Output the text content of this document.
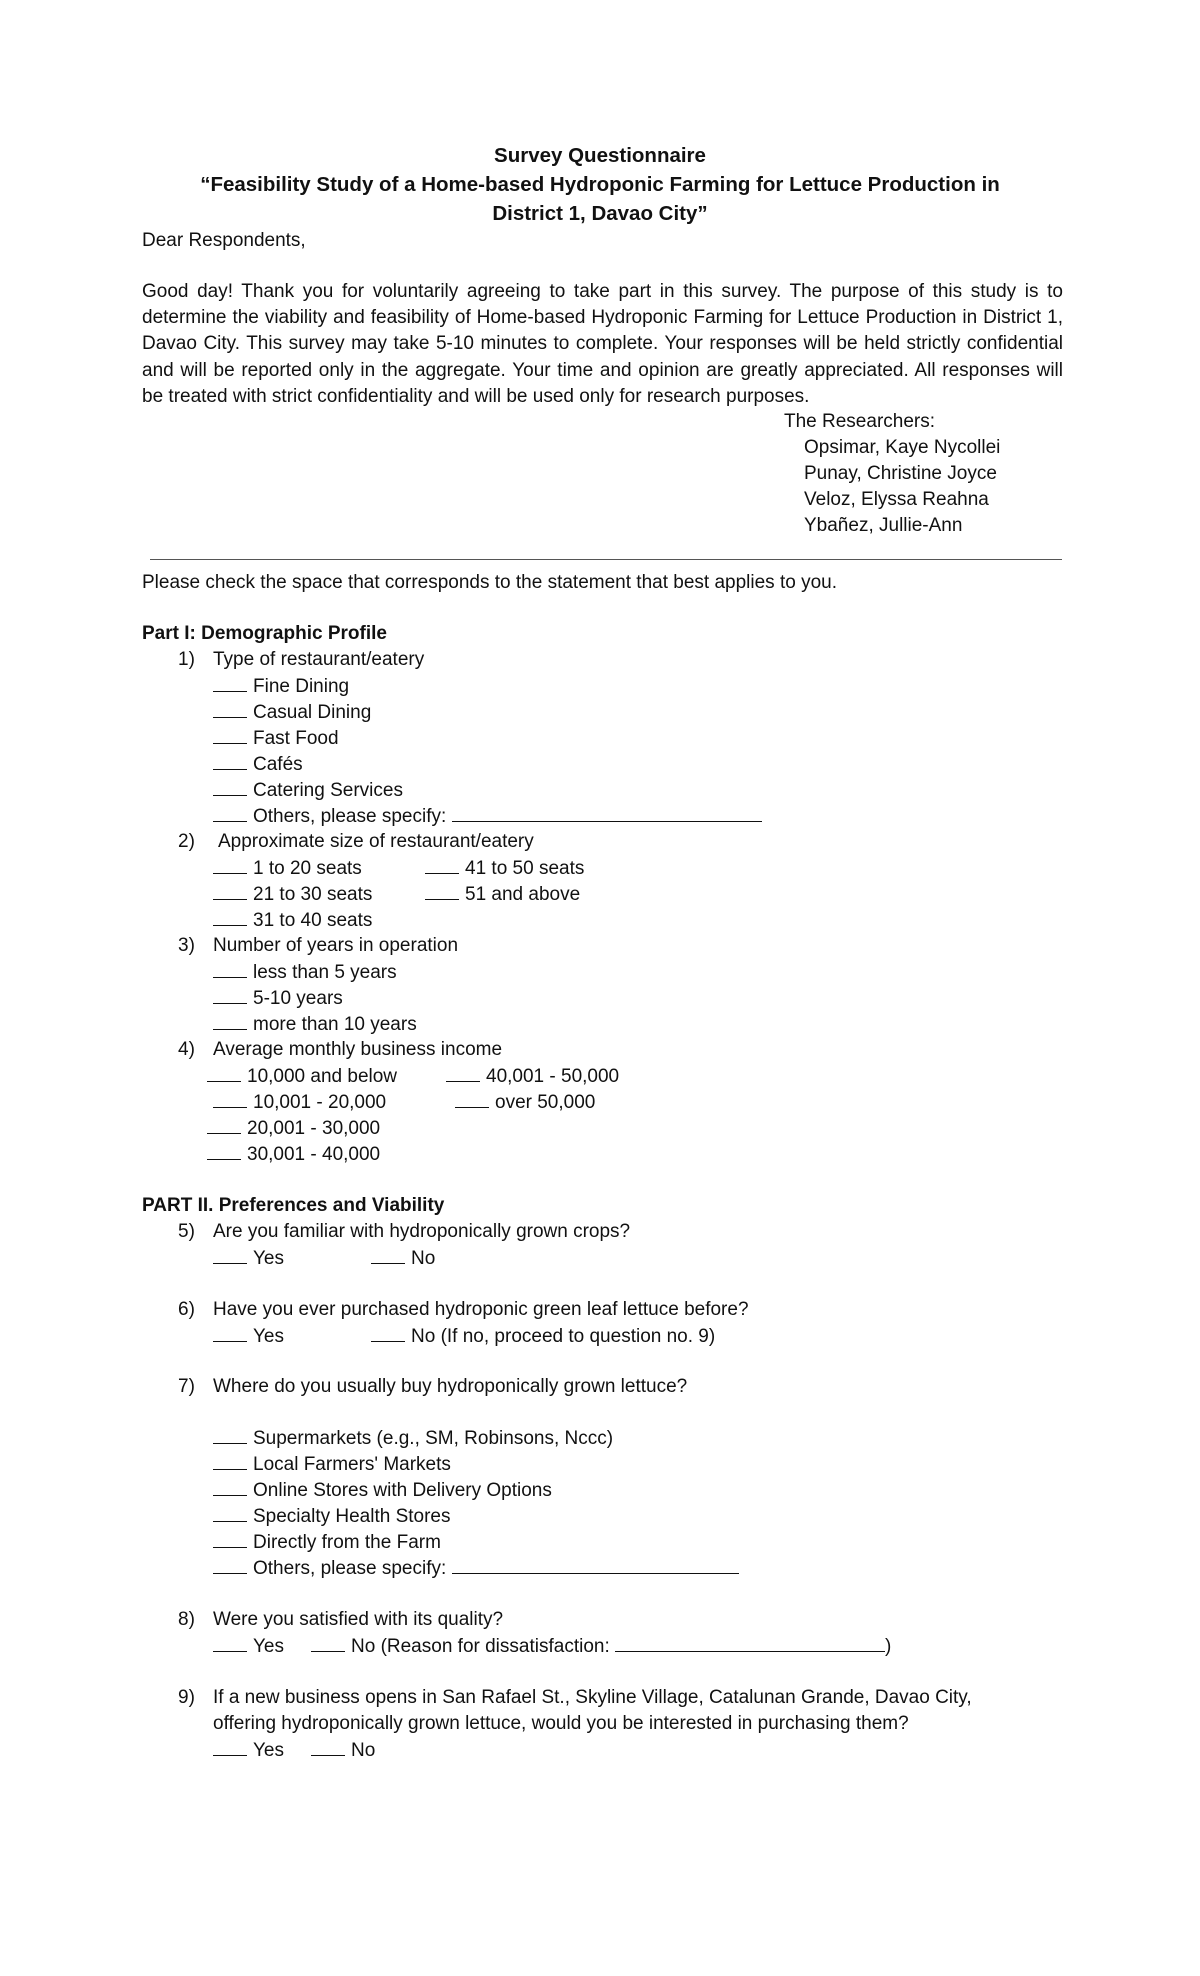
Survey Questionnaire
“Feasibility Study of a Home-based Hydroponic Farming for Lettuce Production in
District 1, Davao City”
Dear Respondents,
Good day! Thank you for voluntarily agreeing to take part in this survey. The purpose of this study is to determine the viability and feasibility of Home-based Hydroponic Farming for Lettuce Production in District 1, Davao City. This survey may take 5-10 minutes to complete. Your responses will be held strictly confidential and will be reported only in the aggregate. Your time and opinion are greatly appreciated. All responses will be treated with strict confidentiality and will be used only for research purposes.
The Researchers:
Opsimar, Kaye Nycollei
Punay, Christine Joyce
Veloz, Elyssa Reahna
Ybañez, Jullie-Ann
Please check the space that corresponds to the statement that best applies to you.
Part I: Demographic Profile
1) Type of restaurant/eatery
Fine Dining
Casual Dining
Fast Food
Cafés
Catering Services
Others, please specify:
2) Approximate size of restaurant/eatery
1 to 20 seats	41 to 50 seats
21 to 30 seats	51 and above
31 to 40 seats
3) Number of years in operation
less than 5 years
5-10 years
more than 10 years
4) Average monthly business income
10,000 and below	40,001 - 50,000
10,001 - 20,000	over 50,000
20,001 - 30,000
30,001 - 40,000
PART II. Preferences and Viability
5) Are you familiar with hydroponically grown crops?
Yes	No
6) Have you ever purchased hydroponic green leaf lettuce before?
Yes	No (If no, proceed to question no. 9)
7) Where do you usually buy hydroponically grown lettuce?
Supermarkets (e.g., SM, Robinsons, Nccc)
Local Farmers' Markets
Online Stores with Delivery Options
Specialty Health Stores
Directly from the Farm
Others, please specify:
8) Were you satisfied with its quality?
Yes	No (Reason for dissatisfaction:	)
9) If a new business opens in San Rafael St., Skyline Village, Catalunan Grande, Davao City,
offering hydroponically grown lettuce, would you be interested in purchasing them?
Yes	No
